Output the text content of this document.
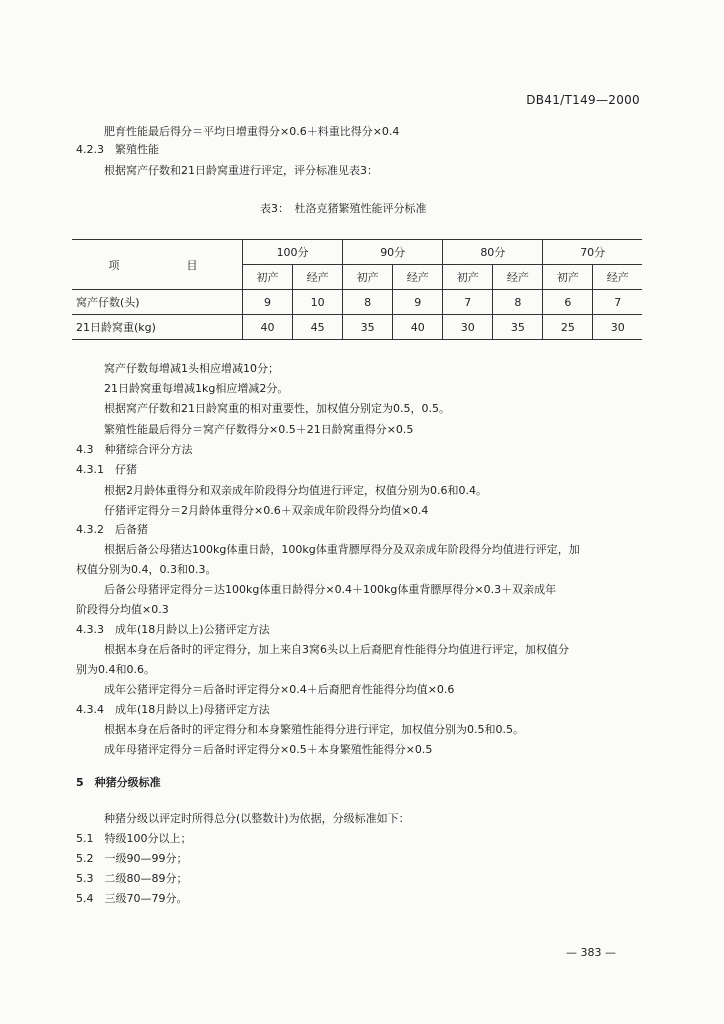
DB41/T149—2000
肥育性能最后得分＝平均日增重得分×0.6＋料重比得分×0.4
4.2.3　繁殖性能
根据窝产仔数和21日龄窝重进行评定，评分标准见表3：
表3：　杜洛克猪繁殖性能评分标准
项　目	100分		90分		80分		70分	
	初产	经产	初产	经产	初产	经产	初产	经产
窝产仔数(头)	9	10	8	9	7	8	6	7
21日龄窝重(kg)	40	45	35	40	30	35	25	30
窝产仔数每增减1头相应增减10分；
21日龄窝重每增减1kg相应增减2分。
根据窝产仔数和21日龄窝重的相对重要性，加权值分别定为0.5，0.5。
繁殖性能最后得分＝窝产仔数得分×0.5＋21日龄窝重得分×0.5
4.3　种猪综合评分方法
4.3.1　仔猪
根据2月龄体重得分和双亲成年阶段得分均值进行评定，权值分别为0.6和0.4。
仔猪评定得分＝2月龄体重得分×0.6＋双亲成年阶段得分均值×0.4
4.3.2　后备猪
根据后备公母猪达100kg体重日龄，100kg体重背膘厚得分及双亲成年阶段得分均值进行评定，加
权值分别为0.4，0.3和0.3。
后备公母猪评定得分＝达100kg体重日龄得分×0.4＋100kg体重背膘厚得分×0.3＋双亲成年
阶段得分均值×0.3
4.3.3　成年(18月龄以上)公猪评定方法
根据本身在后备时的评定得分，加上来自3窝6头以上后裔肥育性能得分均值进行评定，加权值分
别为0.4和0.6。
成年公猪评定得分＝后备时评定得分×0.4＋后裔肥育性能得分均值×0.6
4.3.4　成年(18月龄以上)母猪评定方法
根据本身在后备时的评定得分和本身繁殖性能得分进行评定，加权值分别为0.5和0.5。
成年母猪评定得分＝后备时评定得分×0.5＋本身繁殖性能得分×0.5
5　种猪分级标准
种猪分级以评定时所得总分(以整数计)为依据，分级标准如下：
5.1　特级100分以上；
5.2　一级90—99分；
5.3　二级80—89分；
5.4　三级70—79分。
— 383 —
